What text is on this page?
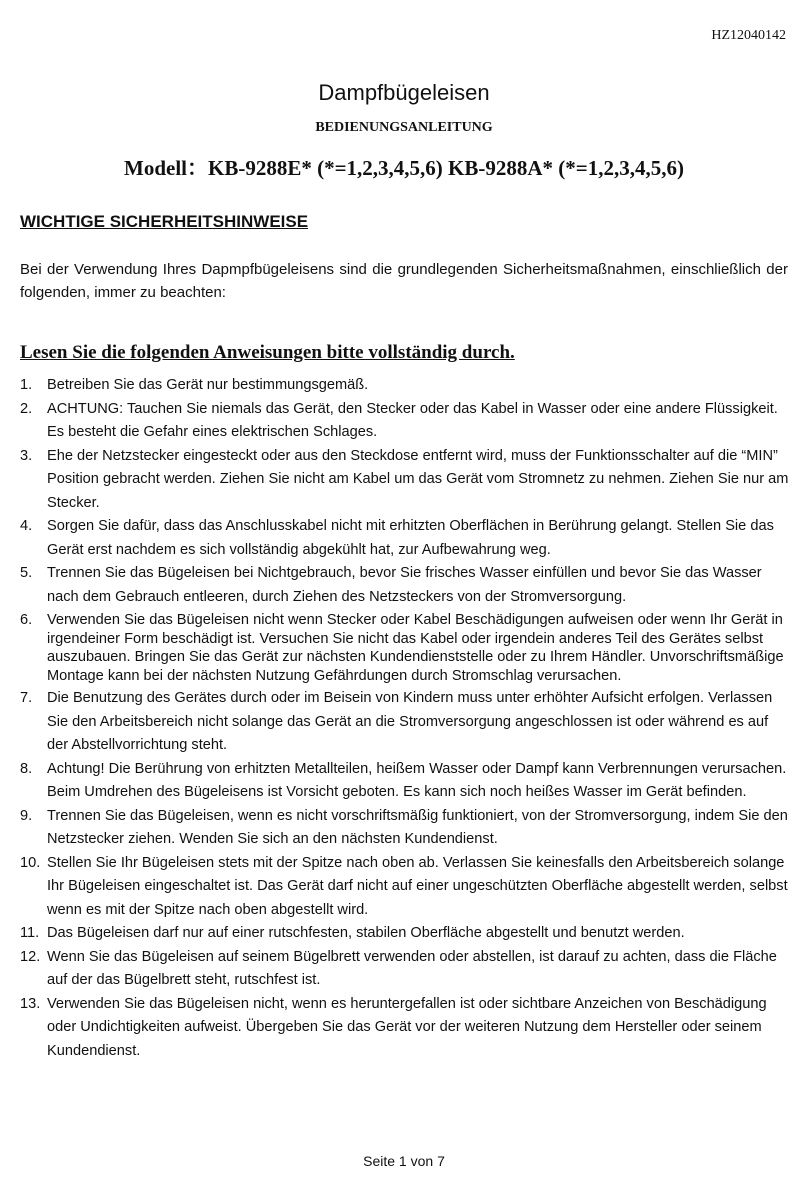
HZ12040142
Dampfbügeleisen
BEDIENUNGSANLEITUNG
Modell：KB-9288E* (*=1,2,3,4,5,6) KB-9288A* (*=1,2,3,4,5,6)
WICHTIGE SICHERHEITSHINWEISE
Bei der Verwendung Ihres Dapmpfbügeleisens sind die grundlegenden Sicherheitsmaßnahmen, einschließlich der folgenden, immer zu beachten:
Lesen Sie die folgenden Anweisungen bitte vollständig durch.
1.	Betreiben Sie das Gerät nur bestimmungsgemäß.
2.	ACHTUNG: Tauchen Sie niemals das Gerät, den Stecker oder das Kabel in Wasser oder eine andere Flüssigkeit. Es besteht die Gefahr eines elektrischen Schlages.
3.	Ehe der Netzstecker eingesteckt oder aus den Steckdose entfernt wird, muss der Funktionsschalter auf die “MIN” Position gebracht werden. Ziehen Sie nicht am Kabel um das Gerät vom Stromnetz zu nehmen. Ziehen Sie nur am Stecker.
4.	Sorgen Sie dafür, dass das Anschlusskabel nicht mit erhitzten Oberflächen in Berührung gelangt. Stellen Sie das Gerät erst nachdem es sich vollständig abgekühlt hat, zur Aufbewahrung weg.
5.	Trennen Sie das Bügeleisen bei Nichtgebrauch, bevor Sie frisches Wasser einfüllen und bevor Sie das Wasser nach dem Gebrauch entleeren, durch Ziehen des Netzsteckers von der Stromversorgung.
6.	Verwenden Sie das Bügeleisen nicht wenn Stecker oder Kabel Beschädigungen aufweisen oder wenn Ihr Gerät in irgendeiner Form beschädigt ist. Versuchen Sie nicht das Kabel oder irgendein anderes Teil des Gerätes selbst auszubauen. Bringen Sie das Gerät zur nächsten Kundendienststelle oder zu Ihrem Händler. Unvorschriftsmäßige Montage kann bei der nächsten Nutzung Gefährdungen durch Stromschlag verursachen.
7.	Die Benutzung des Gerätes durch oder im Beisein von Kindern muss unter erhöhter Aufsicht erfolgen. Verlassen Sie den Arbeitsbereich nicht solange das Gerät an die Stromversorgung angeschlossen ist oder während es auf der Abstellvorrichtung steht.
8.	Achtung! Die Berührung von erhitzten Metallteilen, heißem Wasser oder Dampf kann Verbrennungen verursachen. Beim Umdrehen des Bügeleisens ist Vorsicht geboten. Es kann sich noch heißes Wasser im Gerät befinden.
9.	Trennen Sie das Bügeleisen, wenn es nicht vorschriftsmäßig funktioniert, von der Stromversorgung, indem Sie den Netzstecker ziehen. Wenden Sie sich an den nächsten Kundendienst.
10. Stellen Sie Ihr Bügeleisen stets mit der Spitze nach oben ab. Verlassen Sie keinesfalls den Arbeitsbereich solange Ihr Bügeleisen eingeschaltet ist. Das Gerät darf nicht auf einer ungeschützten Oberfläche abgestellt werden, selbst wenn es mit der Spitze nach oben abgestellt wird.
11. Das Bügeleisen darf nur auf einer rutschfesten, stabilen Oberfläche abgestellt und benutzt werden.
12. Wenn Sie das Bügeleisen auf seinem Bügelbrett verwenden oder abstellen, ist darauf zu achten, dass die Fläche auf der das Bügelbrett steht, rutschfest ist.
13. Verwenden Sie das Bügeleisen nicht, wenn es heruntergefallen ist oder sichtbare Anzeichen von Beschädigung oder Undichtigkeiten aufweist. Übergeben Sie das Gerät vor der weiteren Nutzung dem Hersteller oder seinem Kundendienst.
Seite 1 von 7
